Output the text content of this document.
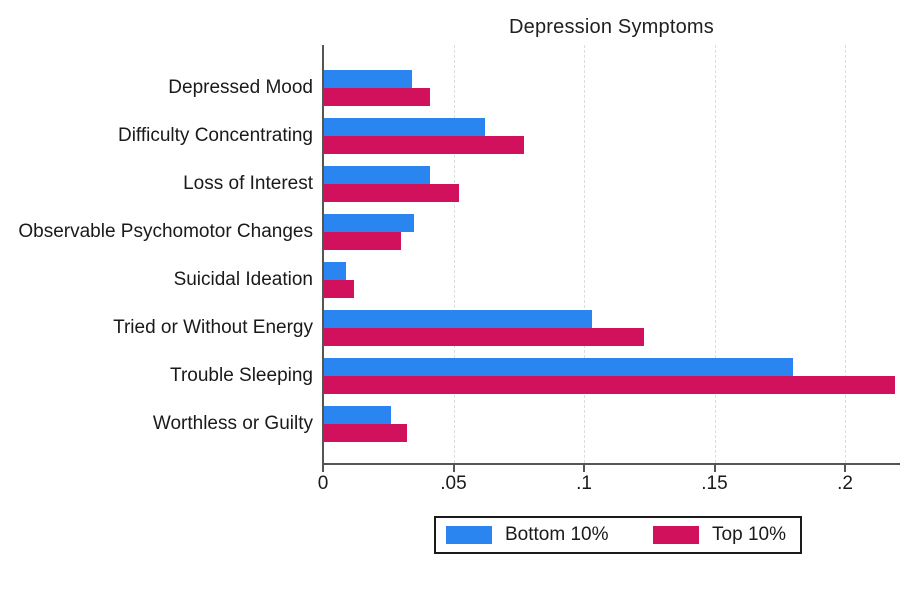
Depression Symptoms
0	.05	.1	.15	.2
Depressed Mood
Difficulty Concentrating
Loss of Interest
Observable Psychomotor Changes
Suicidal Ideation
Tried or Without Energy
Trouble Sleeping
Worthless or Guilty
Bottom 10%	Top 10%
